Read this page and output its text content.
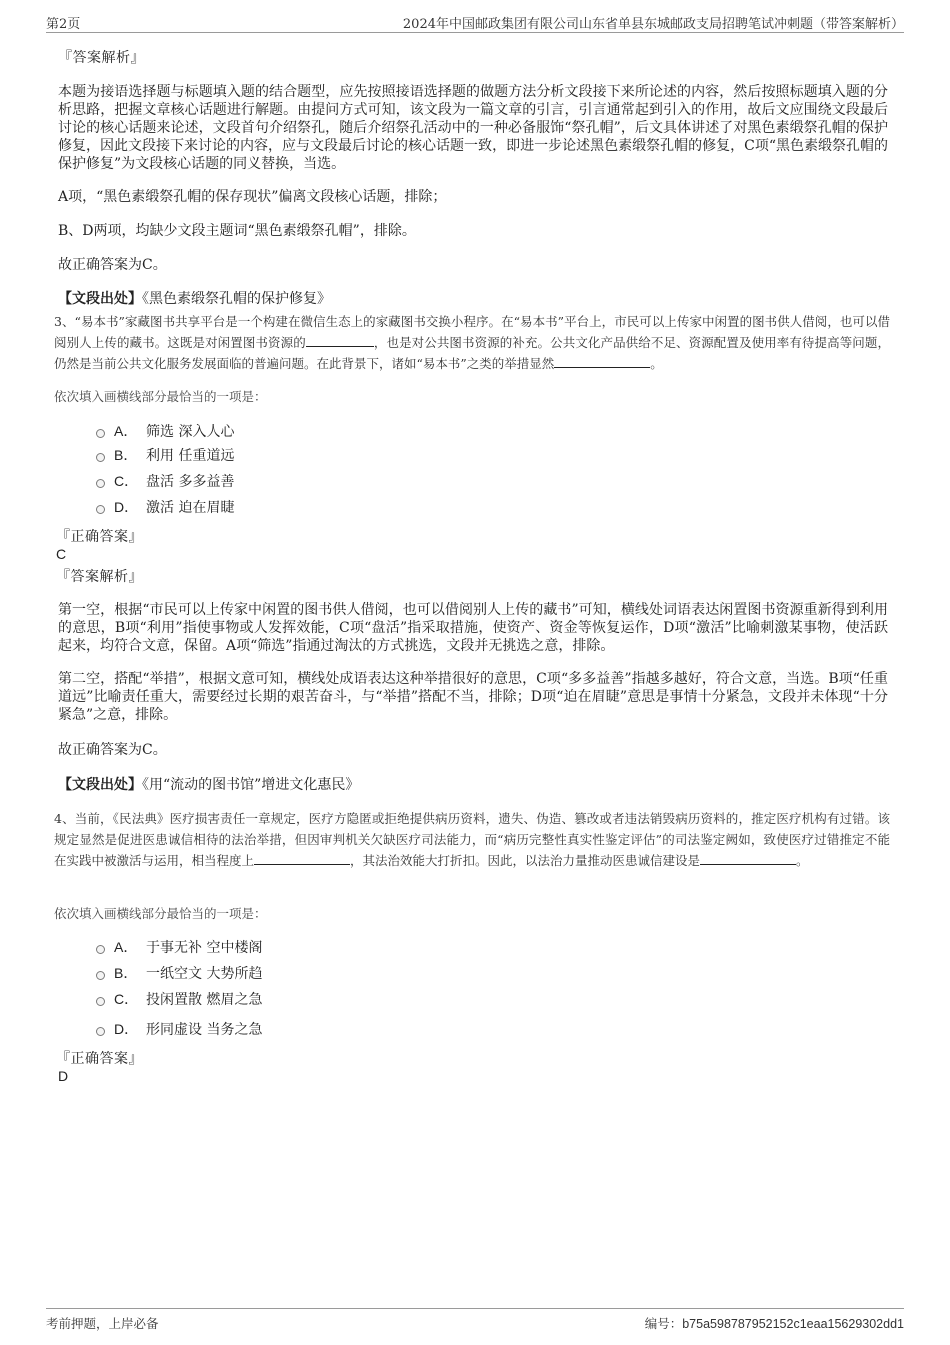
第2页	2024年中国邮政集团有限公司山东省单县东城邮政支局招聘笔试冲刺题（带答案解析）
『答案解析』
本题为接语选择题与标题填入题的结合题型，应先按照接语选择题的做题方法分析文段接下来所论述的内容，然后按照标题填入题的分析思路，把握文章核心话题进行解题。由提问方式可知，该文段为一篇文章的引言，引言通常起到引入的作用，故后文应围绕文段最后讨论的核心话题来论述，文段首句介绍祭孔，随后介绍祭孔活动中的一种必备服饰“祭孔帽”，后文具体讲述了对黑色素缎祭孔帽的保护修复，因此文段接下来讨论的内容，应与文段最后讨论的核心话题一致，即进一步论述黑色素缎祭孔帽的修复，C项“黑色素缎祭孔帽的保护修复”为文段核心话题的同义替换，当选。
A项，“黑色素缎祭孔帽的保存现状”偏离文段核心话题，排除；
B、D两项，均缺少文段主题词“黑色素缎祭孔帽”，排除。
故正确答案为C。
【文段出处】《黑色素缎祭孔帽的保护修复》
3、“易本书”家藏图书共享平台是一个构建在微信生态上的家藏图书交换小程序。在“易本书”平台上，市民可以上传家中闲置的图书供人借阅，也可以借阅别人上传的藏书。这既是对闲置图书资源的	，也是对公共图书资源的补充。公共文化产品供给不足、资源配置及使用率有待提高等问题，仍然是当前公共文化服务发展面临的普遍问题。在此背景下，诸如“易本书”之类的举措显然	。
依次填入画横线部分最恰当的一项是：
A． 筛选 深入人心
B． 利用 任重道远
C． 盘活 多多益善
D． 激活 迫在眉睫
『正确答案』
C
『答案解析』
第一空，根据“市民可以上传家中闲置的图书供人借阅，也可以借阅别人上传的藏书”可知，横线处词语表达闲置图书资源重新得到利用的意思，B项“利用”指使事物或人发挥效能，C项“盘活”指采取措施，使资产、资金等恢复运作，D项“激活”比喻刺激某事物，使活跃起来，均符合文意，保留。A项“筛选”指通过淘汰的方式挑选，文段并无挑选之意，排除。
第二空，搭配“举措”，根据文意可知，横线处成语表达这种举措很好的意思，C项“多多益善”指越多越好，符合文意，当选。B项“任重道远”比喻责任重大，需要经过长期的艰苦奋斗，与“举措”搭配不当，排除；D项“迫在眉睫”意思是事情十分紧急，文段并未体现“十分紧急”之意，排除。
故正确答案为C。
【文段出处】《用“流动的图书馆”增进文化惠民》
4、当前，《民法典》医疗损害责任一章规定，医疗方隐匿或拒绝提供病历资料，遗失、伪造、篡改或者违法销毁病历资料的，推定医疗机构有过错。该规定显然是促进医患诚信相待的法治举措，但因审判机关欠缺医疗司法能力，而“病历完整性真实性鉴定评估”的司法鉴定阙如，致使医疗过错推定不能在实践中被激活与运用，相当程度上	，其法治效能大打折扣。因此，以法治力量推动医患诚信建设是	。
依次填入画横线部分最恰当的一项是：
A． 于事无补 空中楼阁
B． 一纸空文 大势所趋
C． 投闲置散 燃眉之急
D． 形同虚设 当务之急
『正确答案』
D
考前押题，上岸必备	编号：b75a598787952152c1eaa15629302dd1
